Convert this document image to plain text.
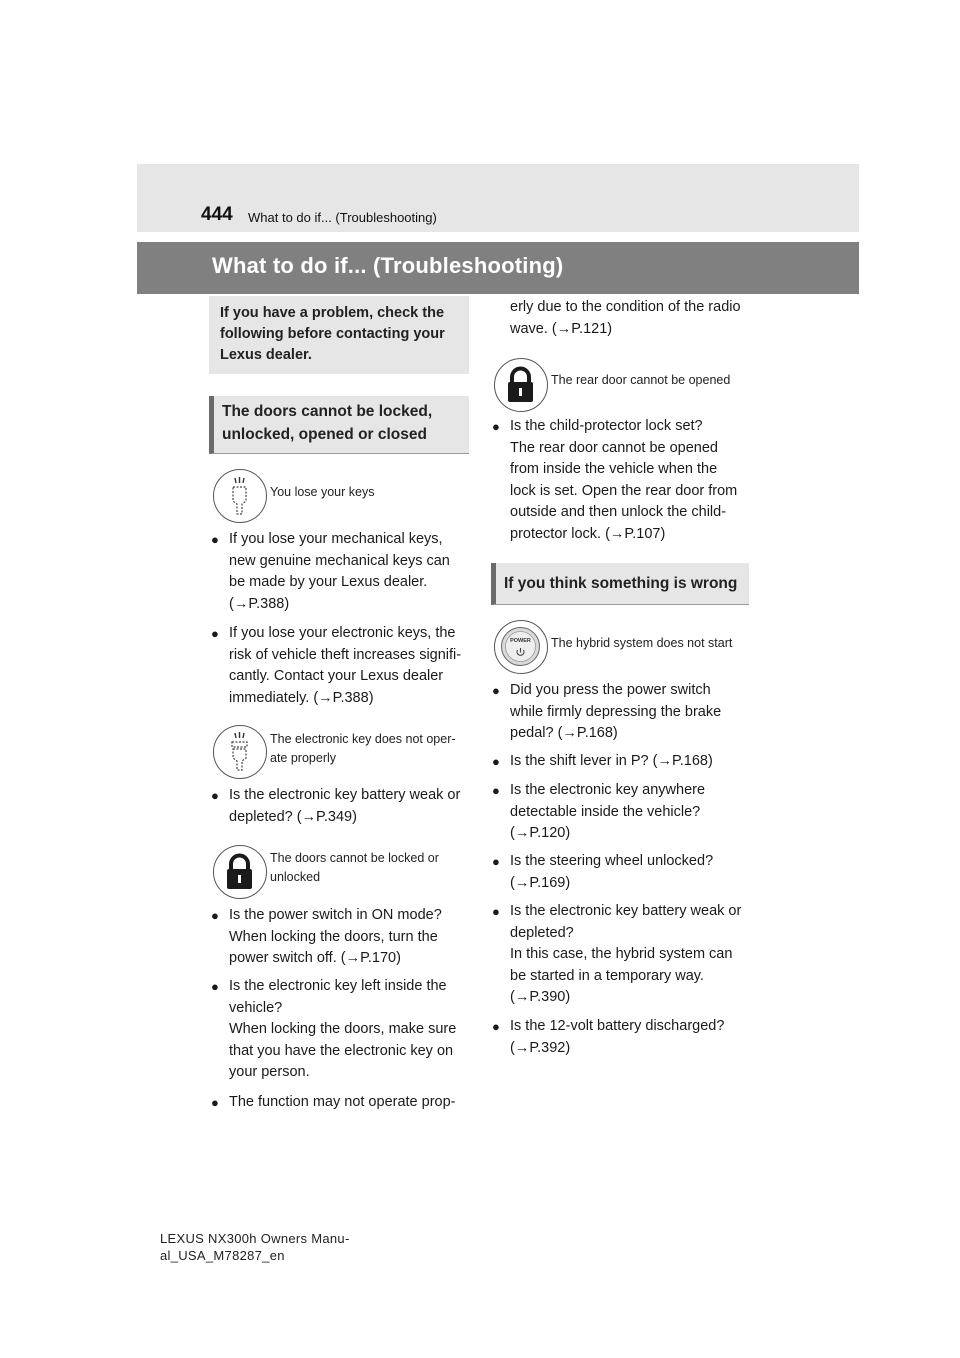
444 What to do if... (Troubleshooting)
What to do if... (Troubleshooting)
If you have a problem, check the
following before contacting your
Lexus dealer.
The doors cannot be locked,
unlocked, opened or closed
You lose your keys
● If you lose your mechanical keys,
new genuine mechanical keys can
be made by your Lexus dealer.
(→P.388)
● If you lose your electronic keys, the
risk of vehicle theft increases signifi-
cantly. Contact your Lexus dealer
immediately. (→P.388)
The electronic key does not oper-
ate properly
● Is the electronic key battery weak or
depleted? (→P.349)
The doors cannot be locked or
unlocked
● Is the power switch in ON mode?
When locking the doors, turn the
power switch off. (→P.170)
● Is the electronic key left inside the
vehicle?
When locking the doors, make sure
that you have the electronic key on
your person.
● The function may not operate prop-
erly due to the condition of the radio
wave. (→P.121)
The rear door cannot be opened
● Is the child-protector lock set?
The rear door cannot be opened
from inside the vehicle when the
lock is set. Open the rear door from
outside and then unlock the child-
protector lock. (→P.107)
If you think something is wrong
POWER	The hybrid system does not start
● Did you press the power switch
while firmly depressing the brake
pedal? (→P.168)
● Is the shift lever in P? (→P.168)
● Is the electronic key anywhere
detectable inside the vehicle?
(→P.120)
● Is the steering wheel unlocked?
(→P.169)
● Is the electronic key battery weak or
depleted?
In this case, the hybrid system can
be started in a temporary way.
(→P.390)
● Is the 12-volt battery discharged?
(→P.392)
LEXUS NX300h Owners Manu-
al_USA_M78287_en
